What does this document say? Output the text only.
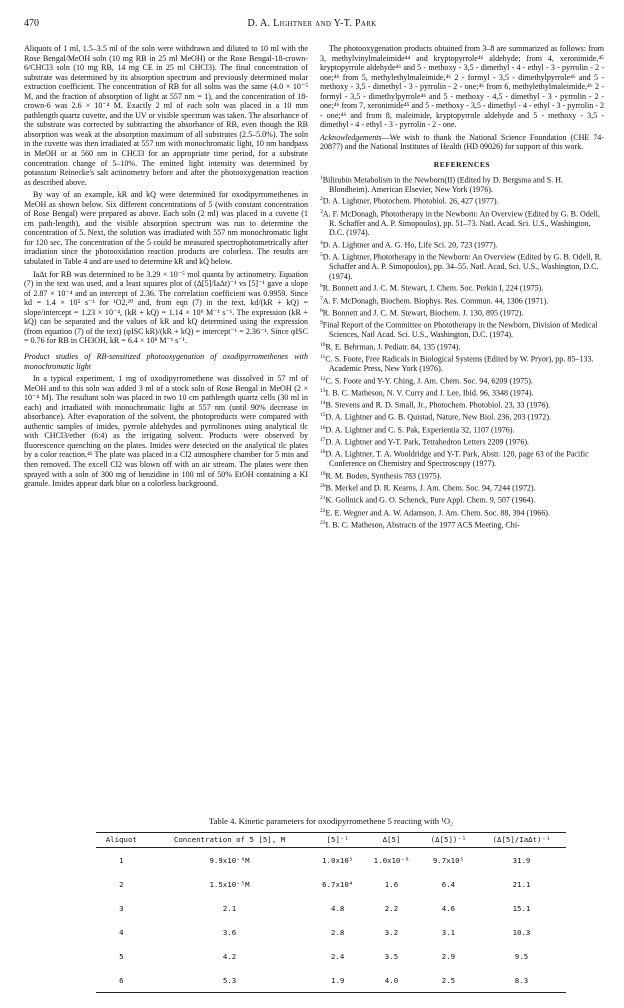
470	D. A. Lightner and Y-T. Park

Aliquots of 1 ml, 1.5–3.5 ml of the soln were withdrawn and diluted to 10 ml with the Rose Bengal/MeOH soln (10 mg RB in 25 ml MeOH) or the Rose Bengal-18-crown-6/CHCl3 soln (10 mg RB, 14 mg CE in 25 ml CHCl3). The final concentration of substrate was determined by its absorption spectrum and previously determined molar extraction coefficient. The concentration of RB for all solns was the same (4.0 × 10⁻⁵ M, and the fraction of absorption of light at 557 nm = 1), and the concentration of 18-crown-6 was 2.6 × 10⁻⁴ M. Exactly 2 ml of each soln was placed in a 10 mm pathlength quartz cuvette, and the UV or visible spectrum was taken. The absorbance of the substrate was corrected by subtracting the absorbance of RB, even though the RB absorption was weak at the absorption maximum of all substrates (2.5–5.0%). The soln in the cuvette was then irradiated at 557 nm with monochromatic light, 10 nm bandpass in MeOH or at 560 nm in CHCl3 for an appropriate time period, for a substrate concentration change of 5–10%. The emitted light intensity was determined by potassium Reinecke's salt actinometry before and after the photooxygenation reaction as described above.

By way of an example, kR and kQ were determined for oxodipyrromethenes in MeOH as shown below. Six different concentrations of 5 (with constant concentration of Rose Bengal) were prepared as above. Each soln (2 ml) was placed in a cuvette (1 cm path-length), and the visible absorption spectrum was run to determine the concentration of 5. Next, the solution was irradiated with 557 nm monochromatic light for 120 sec. The concentration of the 5 could be measured spectrophotometrically after irradiation since the photooxidation reaction products are colorless. The results are tabulated in Table 4 and are used to determine kR and kQ below.

IaΔt for RB was determined to be 3.29 × 10⁻⁵ mol quanta by actinometry. Equation (7) in the text was used, and a least squares plot of (Δ[5]/IaΔt)⁻¹ vs [5]⁻¹ gave a slope of 2.87 × 10⁻⁴ and an intercept of 2.36. The correlation coefficient was 0.9959. Since kd = 1.4 × 10⁵ s⁻¹ for ¹O2,²⁰ and, from eqn (7) in the text, kd/(kR + kQ) = slope/intercept = 1.23 × 10⁻⁴, (kR + kQ) = 1.14 × 10⁹ M⁻¹ s⁻¹. The expression (kR + kQ) can be separated and the values of kR and kQ determined using the expression (from equation (7) of the text) (φISC kR)/(kR + kQ) = intercept⁻¹ = 2.36⁻¹. Since φISC = 0.76 for RB in CH3OH, kR = 6.4 × 10⁸ M⁻¹ s⁻¹.

Product studies of RB-sensitized photooxygenation of oxodipyrromethenes with monochromatic light

In a typical experiment, 1 mg of oxodipyrromethene was dissolved in 57 ml of MeOH and to this soln was added 3 ml of a stock soln of Rose Bengal in MeOH (2 × 10⁻⁴ M). The resultant soln was placed in two 10 cm pathlength quartz cells (30 ml in each) and irradiated with monochromatic light at 557 nm (until 90% decrease in absorbance). After evaporation of the solvent, the photoproducts were compared with authentic samples of imides, pyrrole aldehydes and pyrrolinones using analytical tlc with CHCl3/ether (6:4) as the irrigating solvent. Products were observed by fluorescence quenching on the plates. Imides were detected on the analytical tlc plates by a color reaction.⁴¹ The plate was placed in a Cl2 atmosphere chamber for 5 min and then removed. The excell Cl2 was blown off with an air stream. The plates were then sprayed with a soln of 300 mg of benzidine in 100 ml of 50% EtOH containing a KI granule. Imides appear dark blue on a colorless background.

The photooxygenation products obtained from 3–8 are summarized as follows: from 3, methylvinylmaleimide⁴⁴ and kryptopyrrole⁴⁶ aldehyde; from 4, xeronimide,⁴⁵ kryptopyrrole aldehyde⁴⁶ and 5 - methoxy - 3,5 - dimethyl - 4 - ethyl - 3 - pyrrolin - 2 - one;⁴⁶ from 5, methylethylmaleimide,⁴⁶ 2 - formyl - 3,5 - dimethylpyrrole⁴⁶ and 5 - methoxy - 3,5 - dimethyl - 3 - pyrrolin - 2 - one;⁴⁶ from 6, methylethylmaleimide,⁴⁶ 2 - formyl - 3,5 - dimethylpyrrole⁴⁶ and 5 - methoxy - 4,5 - dimethyl - 3 - pyrrolin - 2 - one;⁴⁶ from 7, xeronimide⁴⁵ and 5 - methoxy - 3,5 - dimethyl - 4 - ethyl - 3 - pyrrolin - 2 - one;⁴⁶ and from 8, maleimide, kryptopyrrole aldehyde and 5 - methoxy - 3,5 - dimethyl - 4 - ethyl - 3 - pyrrolin - 2 - one.

Acknowledgements—We wish to thank the National Science Foundation (CHE 74-20877) and the National Institutes of Health (HD 09026) for support of this work.

REFERENCES
$^1$Bilirubin Metabolism in the Newborn(II) (Edited by D. Bergsma and S. H. Blondheim). American Elsevier, New York (1976).
$^2$D. A. Lightner, Photochem. Photobiol. 26, 427 (1977).
$^3$A. F. McDonagh, Phototherapy in the Newborn: An Overview (Edited by G. B. Odell, R. Schaffer and A. P. Simopoulos), pp. 51–73. Natl. Acad. Sci. U.S., Washington, D.C. (1974).
$^4$D. A. Lightner and A. G. Ho, Life Sci. 20, 723 (1977).
$^5$D. A. Lightner, Phototherapy in the Newborn: An Overview (Edited by G. B. Odell, R. Schaffer and A. P. Simopoulos), pp. 34–55. Natl. Acad. Sci. U.S., Washington, D.C. (1974).
$^6$R. Bonnett and J. C. M. Stewart, J. Chem. Soc. Perkin I, 224 (1975).
$^7$A. F. McDonagh, Biochem. Biophys. Res. Commun. 44, 1306 (1971).
$^8$R. Bonnett and J. C. M. Stewart, Biochem. J. 130, 895 (1972).
$^9$Final Report of the Committee on Phototherapy in the Newborn, Division of Medical Sciences, Natl Acad. Sci. U.S., Washington, D.C. (1974).
$^{10}$R. E. Behrman, J. Pediatr. 84, 135 (1974).
$^{11}$C. S. Foote, Free Radicals in Biological Systems (Edited by W. Pryor), pp. 85–133. Academic Press, New York (1976).
$^{12}$C. S. Foote and Y-Y. Ching, J. Am. Chem. Soc. 94, 6209 (1975).
$^{13}$I. B. C. Matheson, N. V. Curry and J. Lee, Ibid. 96, 3348 (1974).
$^{14}$B. Stevens and R. D. Small, Jr., Photochem. Photobiol. 23, 33 (1976).
$^{15}$D. A. Lightner and G. B. Quistad, Nature, New Biol. 236, 203 (1972).
$^{16}$D. A. Lightner and C. S. Pak, Experientia 32, 1107 (1976).
$^{17}$D. A. Lightner and Y-T. Park, Tetrahedron Letters 2209 (1976).
$^{18}$D. A. Lightner, T. A. Wooldridge and Y-T. Park, Abstr. 120, page 63 of the Pacific Conference on Chemistry and Spectroscopy (1977).
$^{19}$R. M. Boden, Synthesis 783 (1975).
$^{20}$B. Merkel and D. R. Kearns, J. Am. Chem. Soc. 94, 7244 (1972).
$^{21}$K. Gollnick and G. O. Schenck, Pure Appl. Chem. 9, 507 (1964).
$^{22}$E. E. Wegner and A. W. Adamson, J. Am. Chem. Soc. 88, 394 (1966).
$^{23}$I. B. C. Matheson, Abstracts of the 1977 ACS Meeting, Chi-
Table 4. Kinetic parameters for oxodipyrromethene 5 reacting with ¹O₂
Aliquot	Concentration of 5 [5], M	[5]⁻¹	Δ[5]	(Δ[5])⁻¹	(Δ[5]/IaΔt)⁻¹
1	9.9x10⁻⁶M	1.0x10⁵	1.0x10⁻⁶	9.7x10⁵	31.9
2	1.5x10⁻⁵M	6.7x10⁴	1.6	6.4	21.1
3	2.1	4.8	2.2	4.6	15.1
4	3.6	2.8	3.2	3.1	10.3
5	4.2	2.4	3.5	2.9	9.5
6	5.3	1.9	4.0	2.5	8.3
